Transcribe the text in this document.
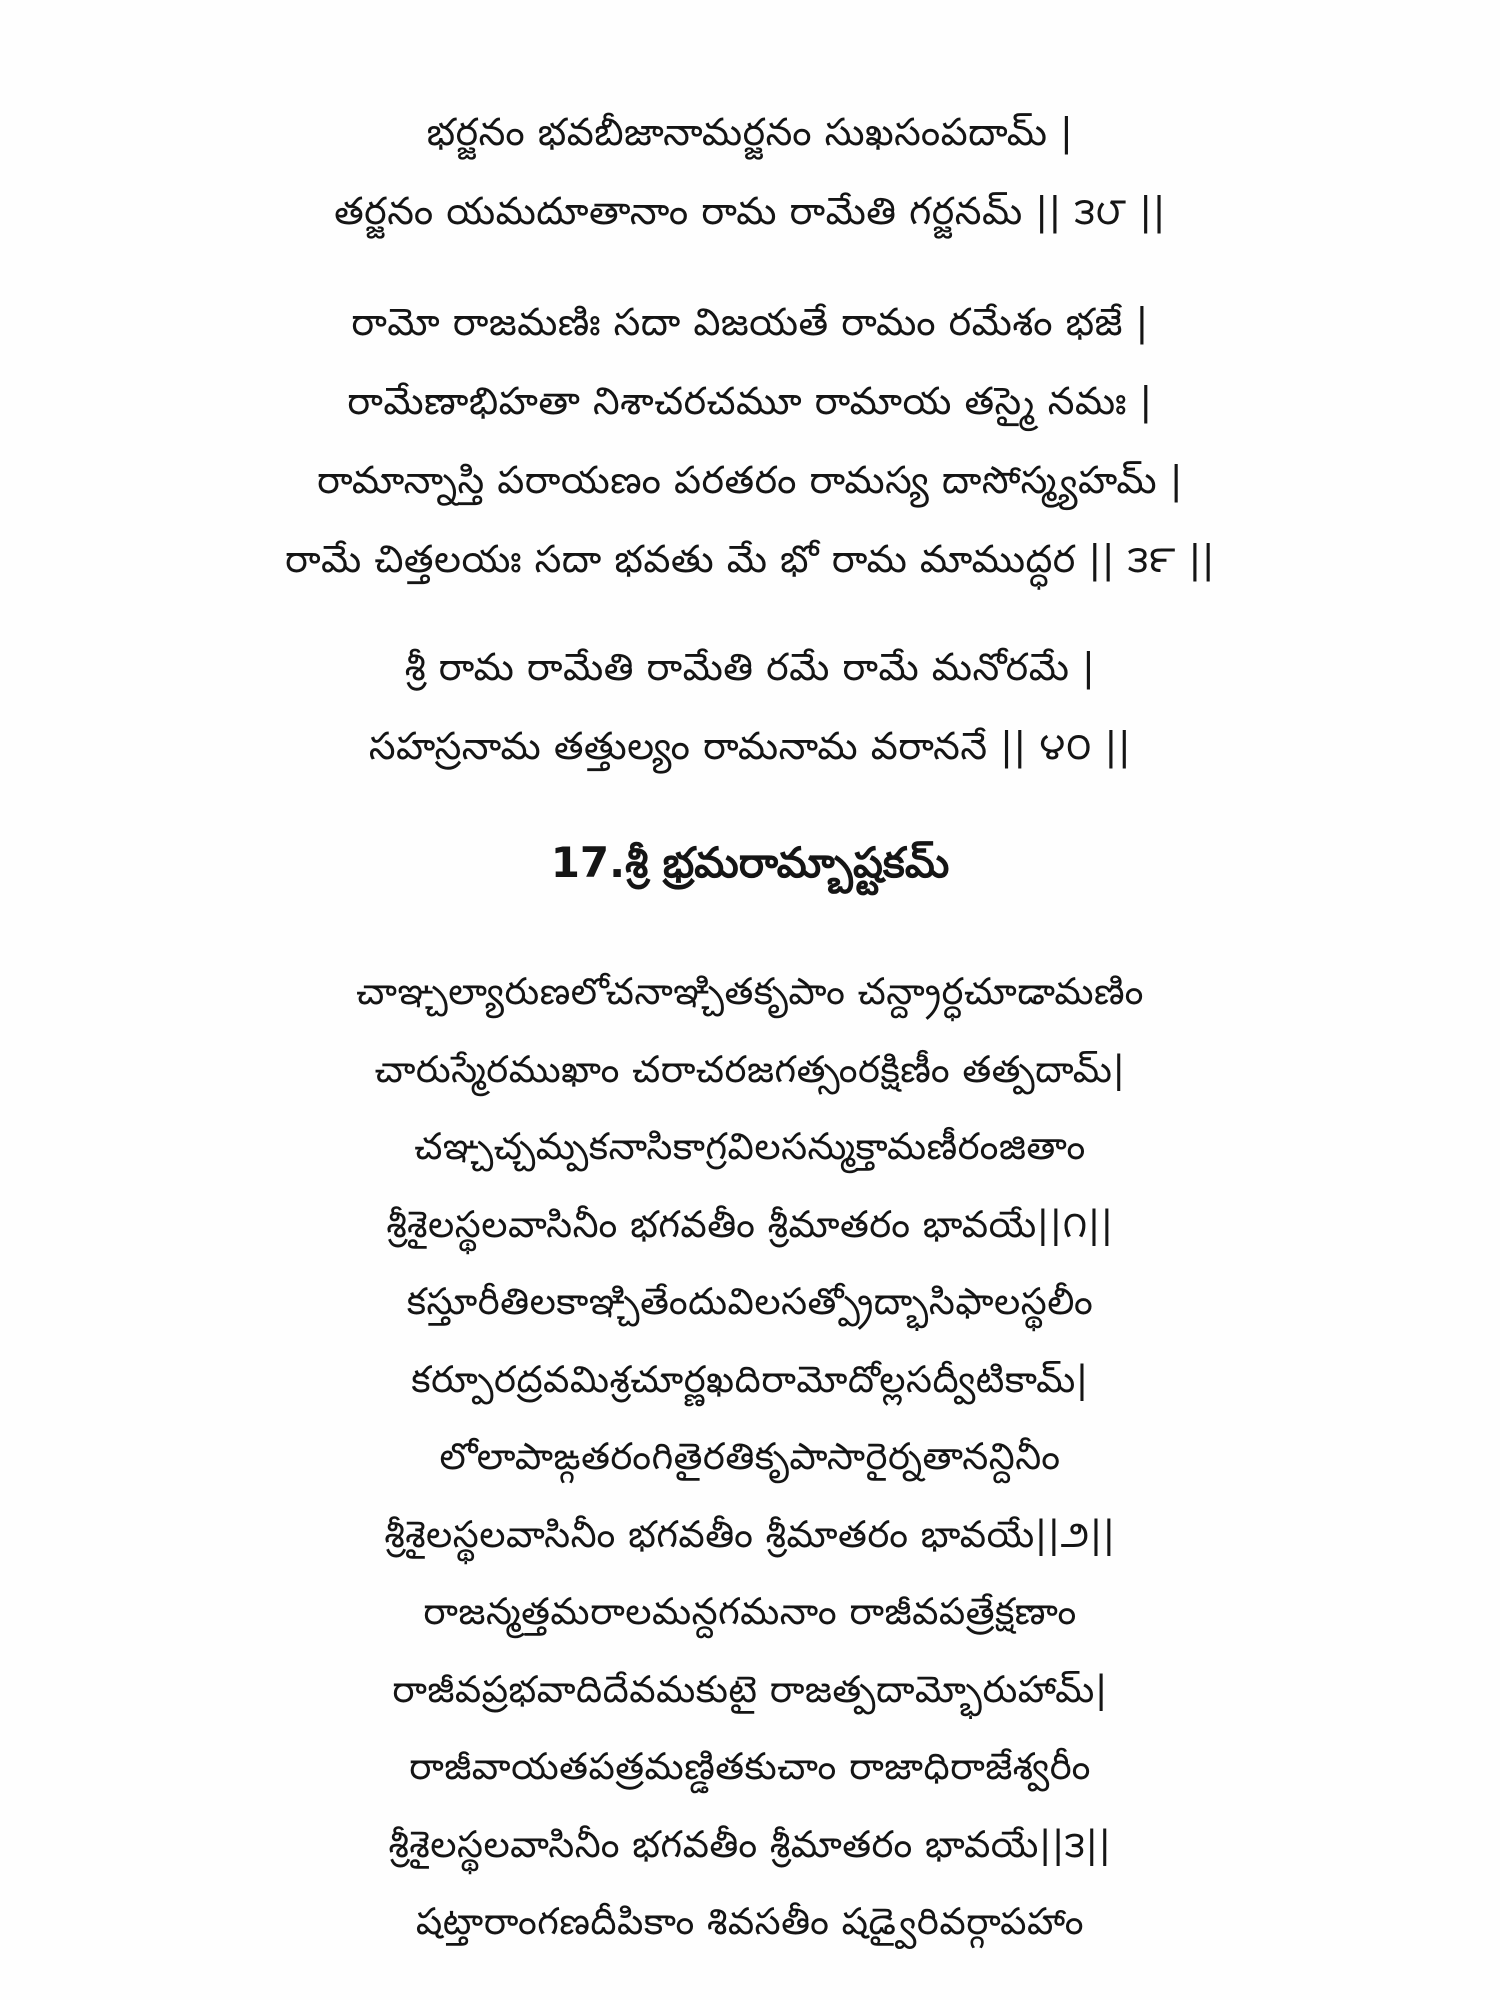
భర్జనం భవబీజానామర్జనం సుఖసంపదామ్ |
తర్జనం యమదూతానాం రామ రామేతి గర్జనమ్ || ౩౮ ||
రామో రాజమణిః సదా విజయతే రామం రమేశం భజే |
రామేణాభిహతా నిశాచరచమూ రామాయ తస్మై నమః |
రామాన్నాస్తి పరాయణం పరతరం రామస్య దాసోస్మ్యహమ్ |
రామే చిత్తలయః సదా భవతు మే భో రామ మాముద్ధర || ౩౯ ||
శ్రీ రామ రామేతి రామేతి రమే రామే మనోరమే |
సహస్రనామ తత్తుల్యం రామనామ వరాననే || ౪౦ ||
17.శ్రీ భ్రమరామ్బాష్టకమ్
చాఞ్చల్యారుణలోచనాఞ్చితకృపాం చన్ద్రార్ధచూడామణిం
చారుస్మేరముఖాం చరాచరజగత్సంరక్షిణీం తత్పదామ్|
చఞ్చచ్చమ్పకనాసికాగ్రవిలసన్ముక్తామణీరంజితాం
శ్రీశైలస్థలవాసినీం భగవతీం శ్రీమాతరం భావయే||౧||
కస్తూరీతిలకాఞ్చితేందువిలసత్ప్రోద్భాసిఫాలస్థలీం
కర్పూరద్రవమిశ్రచూర్ణఖదిరామోదోల్లసద్వీటికామ్|
లోలాపాఙ్గతరంగితైరతికృపాసారైర్నతానన్దినీం
శ్రీశైలస్థలవాసినీం భగవతీం శ్రీమాతరం భావయే||౨||
రాజన్మత్తమరాలమన్దగమనాం రాజీవపత్రేక్షణాం
రాజీవప్రభవాదిదేవమకుటై రాజత్పదామ్భోరుహామ్|
రాజీవాయతపత్రమణ్డితకుచాం రాజాధిరాజేశ్వరీం
శ్రీశైలస్థలవాసినీం భగవతీం శ్రీమాతరం భావయే||౩||
షట్తారాంగణదీపికాం శివసతీం షడ్వైరివర్గాపహాం
